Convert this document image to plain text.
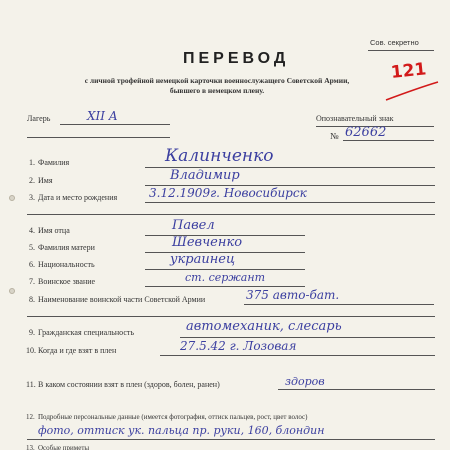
Сов. секретно
ПЕРЕВОД
с личной трофейной немецкой карточки военнослужащего Советской Армии,
бывшего в немецком плену.
121
Лагерь	XII A	Опознавательный знак
№ 62662
1. Фамилия	Калинченко
2. Имя	Владимир
3. Дата и место рождения	3.12.1909г. Новосибирск
4. Имя отца	Павел
5. Фамилия матери	Шевченко
6. Национальность	украинец
7. Воинское звание	ст. сержант
8. Наименование воинской части Советской Армии	375 авто-бат.
9. Гражданская специальность	автомеханик, слесарь
10. Когда и где взят в плен	27.5.42 г. Лозовая
11. В каком состоянии взят в плен (здоров, болен, ранен)	здоров
12. Подробные персональные данные (имеется фотография, оттиск пальцев, рост, цвет волос)
фото, оттиск ук. пальца пр. руки, 160, блондин
13. Особые приметы
